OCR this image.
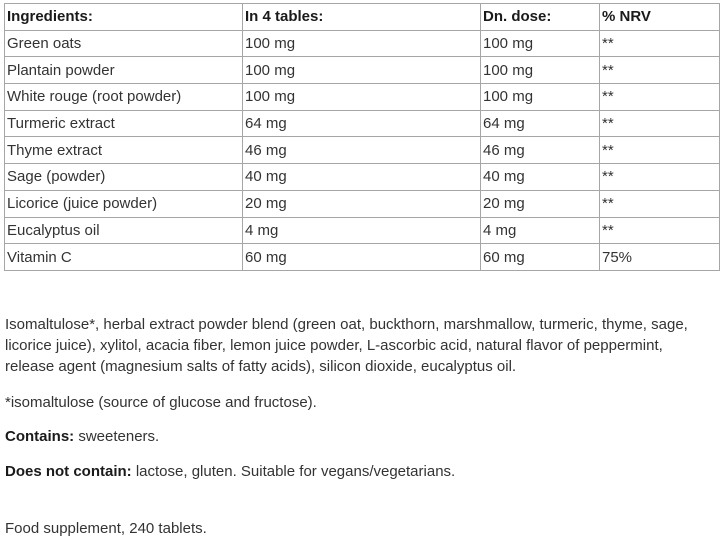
Ingredients:	In 4 tables:	Dn. dose:	% NRV
Green oats	100 mg	100 mg	**
Plantain powder	100 mg	100 mg	**
White rouge (root powder)	100 mg	100 mg	**
Turmeric extract	64 mg	64 mg	**
Thyme extract	46 mg	46 mg	**
Sage (powder)	40 mg	40 mg	**
Licorice (juice powder)	20 mg	20 mg	**
Eucalyptus oil	4 mg	4 mg	**
Vitamin C	60 mg	60 mg	75%

Isomaltulose*, herbal extract powder blend (green oat, buckthorn, marshmallow, turmeric, thyme, sage, licorice juice), xylitol, acacia fiber, lemon juice powder, L-ascorbic acid, natural flavor of peppermint, release agent (magnesium salts of fatty acids), silicon dioxide, eucalyptus oil.

*isomaltulose (source of glucose and fructose).

Contains: sweeteners.

Does not contain: lactose, gluten. Suitable for vegans/vegetarians.

Food supplement, 240 tablets.
